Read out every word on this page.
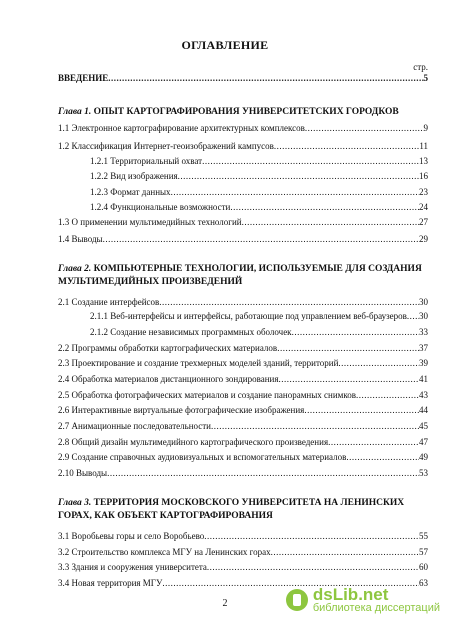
ОГЛАВЛЕНИЕ
стр.
ВВЕДЕНИЕ .....	5
Глава 1. ОПЫТ КАРТОГРАФИРОВАНИЯ УНИВЕРСИТЕТСКИХ ГОРОДКОВ
1.1 Электронное картографирование архитектурных комплексов .....	9
1.2 Классификация Интернет-геоизображений кампусов .....	11
1.2.1 Территориальный охват .....	13
1.2.2 Вид изображения .....	16
1.2.3 Формат данных .....	23
1.2.4 Функциональные возможности .....	24
1.3 О применении мультимедийных технологий .....	27
1.4 Выводы .....	29
Глава 2. КОМПЬЮТЕРНЫЕ ТЕХНОЛОГИИ, ИСПОЛЬЗУЕМЫЕ ДЛЯ СОЗДАНИЯ
МУЛЬТИМЕДИЙНЫХ ПРОИЗВЕДЕНИЙ
2.1 Создание интерфейсов .....	30
2.1.1 Веб-интерфейсы и интерфейсы, работающие под управлением веб-браузеров ..... 30
2.1.2 Создание независимых программных оболочек .....	33
2.2 Программы обработки картографических материалов .....	37
2.3 Проектирование и создание трехмерных моделей зданий, территорий .....	39
2.4 Обработка материалов дистанционного зондирования .....	41
2.5 Обработка фотографических материалов и создание панорамных снимков .....	43
2.6 Интерактивные виртуальные фотографические изображения .....	44
2.7 Анимационные последовательности .....	45
2.8 Общий дизайн мультимедийного картографического произведения .....	47
2.9 Создание справочных аудиовизуальных и вспомогательных материалов .....	49
2.10 Выводы .....	53
Глава 3. ТЕРРИТОРИЯ МОСКОВСКОГО УНИВЕРСИТЕТА НА ЛЕНИНСКИХ
ГОРАХ, КАК ОБЪЕКТ КАРТОГРАФИРОВАНИЯ
3.1 Воробьевы горы и село Воробьево .....	55
3.2 Строительство комплекса МГУ на Ленинских горах .....	57
3.3 Здания и сооружения университета .....	60
3.4 Новая территория МГУ .....	63
2	dsLib.net
библиотека диссертаций
